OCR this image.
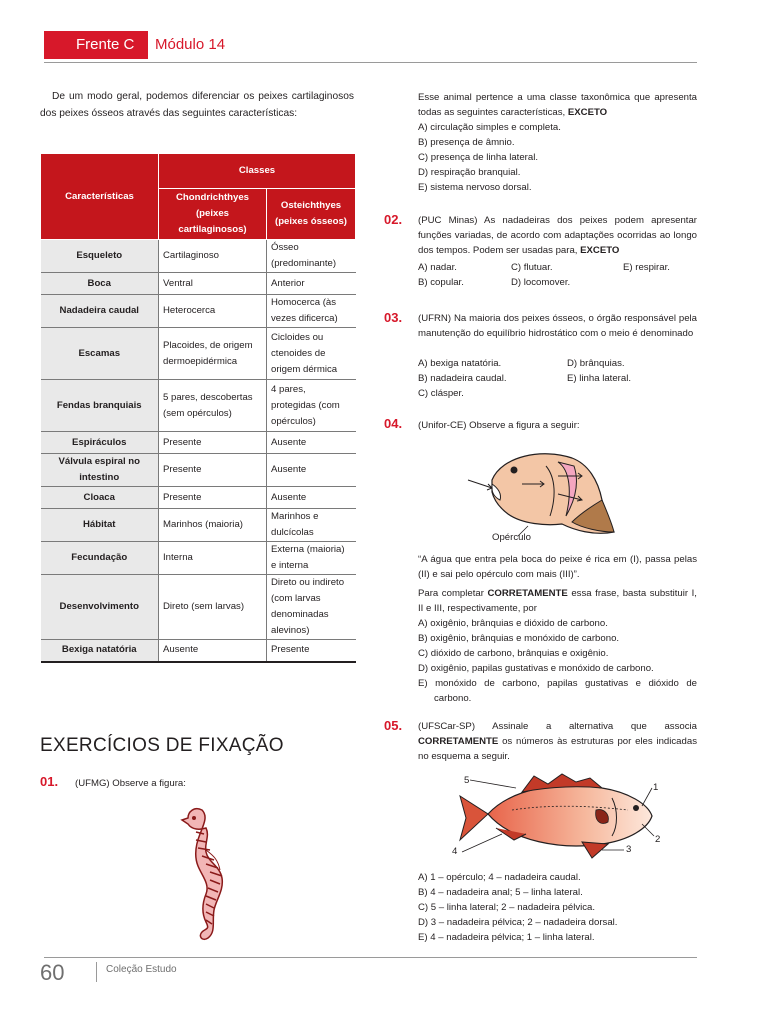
Frente C Módulo 14

De um modo geral, podemos diferenciar os peixes cartilaginosos dos peixes ósseos através das seguintes características:

Características	Classes	
	Chondrichthyes (peixes cartilaginosos)	Osteichthyes (peixes ósseos)
Esqueleto	Cartilaginoso	Ósseo (predominante)
Boca	Ventral	Anterior
Nadadeira caudal	Heterocerca	Homocerca (às vezes dificerca)
Escamas	Placoides, de origem dermoepidérmica	Cicloides ou ctenoides de origem dérmica
Fendas branquiais	5 pares, descobertas (sem opérculos)	4 pares, protegidas (com opérculos)
Espiráculos	Presente	Ausente
Válvula espiral no intestino	Presente	Ausente
Cloaca	Presente	Ausente
Hábitat	Marinhos (maioria)	Marinhos e dulcícolas
Fecundação	Interna	Externa (maioria) e interna
Desenvolvimento	Direto (sem larvas)	Direto ou indireto (com larvas denominadas alevinos)
Bexiga natatória	Ausente	Presente
EXERCÍCIOS DE FIXAÇÃO
01. (UFMG) Observe a figura:
Esse animal pertence a uma classe taxonômica que apresenta todas as seguintes características, EXCETO
A) circulação simples e completa.
B) presença de âmnio.
C) presença de linha lateral.
D) respiração branquial.
E) sistema nervoso dorsal.
02. (PUC Minas) As nadadeiras dos peixes podem apresentar funções variadas, de acordo com adaptações ocorridas ao longo dos tempos. Podem ser usadas para, EXCETO
A) nadar.	C) flutuar.	E) respirar.
B) copular.	D) locomover.
03. (UFRN) Na maioria dos peixes ósseos, o órgão responsável pela manutenção do equilíbrio hidrostático com o meio é denominado
A) bexiga natatória.	D) brânquias.
B) nadadeira caudal.	E) linha lateral.
C) clásper.
04. (Unifor-CE) Observe a figura a seguir:
Opérculo
“A água que entra pela boca do peixe é rica em (I), passa pelas (II) e sai pelo opérculo com mais (III)”.
Para completar CORRETAMENTE essa frase, basta substituir I, II e III, respectivamente, por
A) oxigênio, brânquias e dióxido de carbono.
B) oxigênio, brânquias e monóxido de carbono.
C) dióxido de carbono, brânquias e oxigênio.
D) oxigênio, papilas gustativas e monóxido de carbono.
E) monóxido de carbono, papilas gustativas e dióxido de carbono.
05. (UFSCar-SP) Assinale a alternativa que associa CORRETAMENTE os números às estruturas por eles indicadas no esquema a seguir.
5
1
2
3
4
A) 1 – opérculo; 4 – nadadeira caudal.
B) 4 – nadadeira anal; 5 – linha lateral.
C) 5 – linha lateral; 2 – nadadeira pélvica.
D) 3 – nadadeira pélvica; 2 – nadadeira dorsal.
E) 4 – nadadeira pélvica; 1 – linha lateral.
60	Coleção Estudo
